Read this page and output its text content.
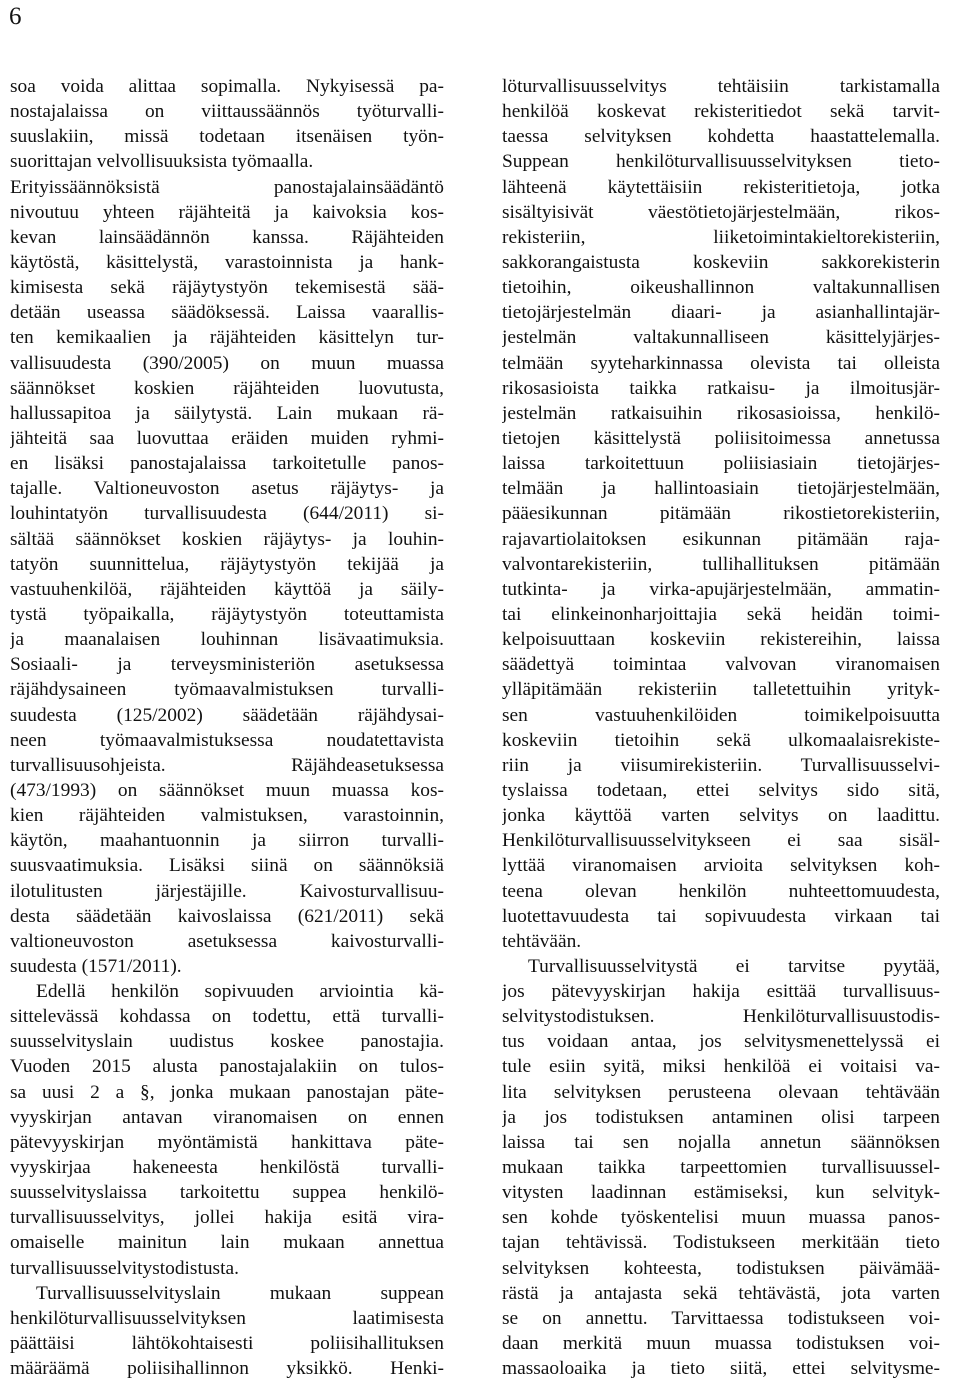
6
soa voida alittaa sopimalla. Nykyisessä pa-
nostajalaissa on viittaussäännös työturvalli-
suuslakiin, missä todetaan itsenäisen työn-
suorittajan velvollisuuksista työmaalla.
Erityissäännöksistä panostajalainsäädäntö
nivoutuu yhteen räjähteitä ja kaivoksia kos-
kevan lainsäädännön kanssa. Räjähteiden
käytöstä, käsittelystä, varastoinnista ja hank-
kimisesta sekä räjäytystyön tekemisestä sää-
detään useassa säädöksessä. Laissa vaarallis-
ten kemikaalien ja räjähteiden käsittelyn tur-
vallisuudesta (390/2005) on muun muassa
säännökset koskien räjähteiden luovutusta,
hallussapitoa ja säilytystä. Lain mukaan rä-
jähteitä saa luovuttaa eräiden muiden ryhmi-
en lisäksi panostajalaissa tarkoitetulle panos-
tajalle. Valtioneuvoston asetus räjäytys- ja
louhintatyön turvallisuudesta (644/2011) si-
sältää säännökset koskien räjäytys- ja louhin-
tatyön suunnittelua, räjäytystyön tekijää ja
vastuuhenkilöä, räjähteiden käyttöä ja säily-
tystä työpaikalla, räjäytystyön toteuttamista
ja maanalaisen louhinnan lisävaatimuksia.
Sosiaali- ja terveysministeriön asetuksessa
räjähdysaineen työmaavalmistuksen turvalli-
suudesta (125/2002) säädetään räjähdysai-
neen työmaavalmistuksessa noudatettavista
turvallisuusohjeista. Räjähdeasetuksessa
(473/1993) on säännökset muun muassa kos-
kien räjähteiden valmistuksen, varastoinnin,
käytön, maahantuonnin ja siirron turvalli-
suusvaatimuksia. Lisäksi siinä on säännöksiä
ilotulitusten järjestäjille. Kaivosturvallisuu-
desta säädetään kaivoslaissa (621/2011) sekä
valtioneuvoston asetuksessa kaivosturvalli-
suudesta (1571/2011).
Edellä henkilön sopivuuden arviointia kä-
sittelevässä kohdassa on todettu, että turvalli-
suusselvityslain uudistus koskee panostajia.
Vuoden 2015 alusta panostajalakiin on tulos-
sa uusi 2 a §, jonka mukaan panostajan päte-
vyyskirjan antavan viranomaisen on ennen
pätevyyskirjan myöntämistä hankittava päte-
vyyskirjaa hakeneesta henkilöstä turvalli-
suusselvityslaissa tarkoitettu suppea henkilö-
turvallisuusselvitys, jollei hakija esitä vira-
omaiselle mainitun lain mukaan annettua
turvallisuusselvitystodistusta.
Turvallisuusselvityslain mukaan suppean
henkilöturvallisuusselvityksen laatimisesta
päättäisi lähtökohtaisesti poliisihallituksen
määräämä poliisihallinnon yksikkö. Henki-
löturvallisuusselvitys tehtäisiin tarkistamalla
henkilöä koskevat rekisteritiedot sekä tarvit-
taessa selvityksen kohdetta haastattelemalla.
Suppean henkilöturvallisuusselvityksen tieto-
lähteenä käytettäisiin rekisteritietoja, jotka
sisältyisivät väestötietojärjestelmään, rikos-
rekisteriin, liiketoimintakieltorekisteriin,
sakkorangaistusta koskeviin sakkorekisterin
tietoihin, oikeushallinnon valtakunnallisen
tietojärjestelmän diaari- ja asianhallintajär-
jestelmän valtakunnalliseen käsittelyjärjes-
telmään syyteharkinnassa olevista tai olleista
rikosasioista taikka ratkaisu- ja ilmoitusjär-
jestelmän ratkaisuihin rikosasioissa, henkilö-
tietojen käsittelystä poliisitoimessa annetussa
laissa tarkoitettuun poliisiasiain tietojärjes-
telmään ja hallintoasiain tietojärjestelmään,
pääesikunnan pitämään rikostietorekisteriin,
rajavartiolaitoksen esikunnan pitämään raja-
valvontarekisteriin, tullihallituksen pitämään
tutkinta- ja virka-apujärjestelmään, ammatin-
tai elinkeinonharjoittajia sekä heidän toimi-
kelpoisuuttaan koskeviin rekistereihin, laissa
säädettyä toimintaa valvovan viranomaisen
ylläpitämään rekisteriin talletettuihin yrityk-
sen vastuuhenkilöiden toimikelpoisuutta
koskeviin tietoihin sekä ulkomaalaisrekiste-
riin ja viisumirekisteriin. Turvallisuusselvi-
tyslaissa todetaan, ettei selvitys sido sitä,
jonka käyttöä varten selvitys on laadittu.
Henkilöturvallisuusselvitykseen ei saa sisäl-
lyttää viranomaisen arvioita selvityksen koh-
teena olevan henkilön nuhteettomuudesta,
luotettavuudesta tai sopivuudesta virkaan tai
tehtävään.
Turvallisuusselvitystä ei tarvitse pyytää,
jos pätevyyskirjan hakija esittää turvallisuus-
selvitystodistuksen. Henkilöturvallisuustodis-
tus voidaan antaa, jos selvitysmenettelyssä ei
tule esiin syitä, miksi henkilöä ei voitaisi va-
lita selvityksen perusteena olevaan tehtävään
ja jos todistuksen antaminen olisi tarpeen
laissa tai sen nojalla annetun säännöksen
mukaan taikka tarpeettomien turvallisuussel-
vitysten laadinnan estämiseksi, kun selvityk-
sen kohde työskentelisi muun muassa panos-
tajan tehtävissä. Todistukseen merkitään tieto
selvityksen kohteesta, todistuksen päivämää-
rästä ja antajasta sekä tehtävästä, jota varten
se on annettu. Tarvittaessa todistukseen voi-
daan merkitä muun muassa todistuksen voi-
massaoloaika ja tieto siitä, ettei selvitysme-
